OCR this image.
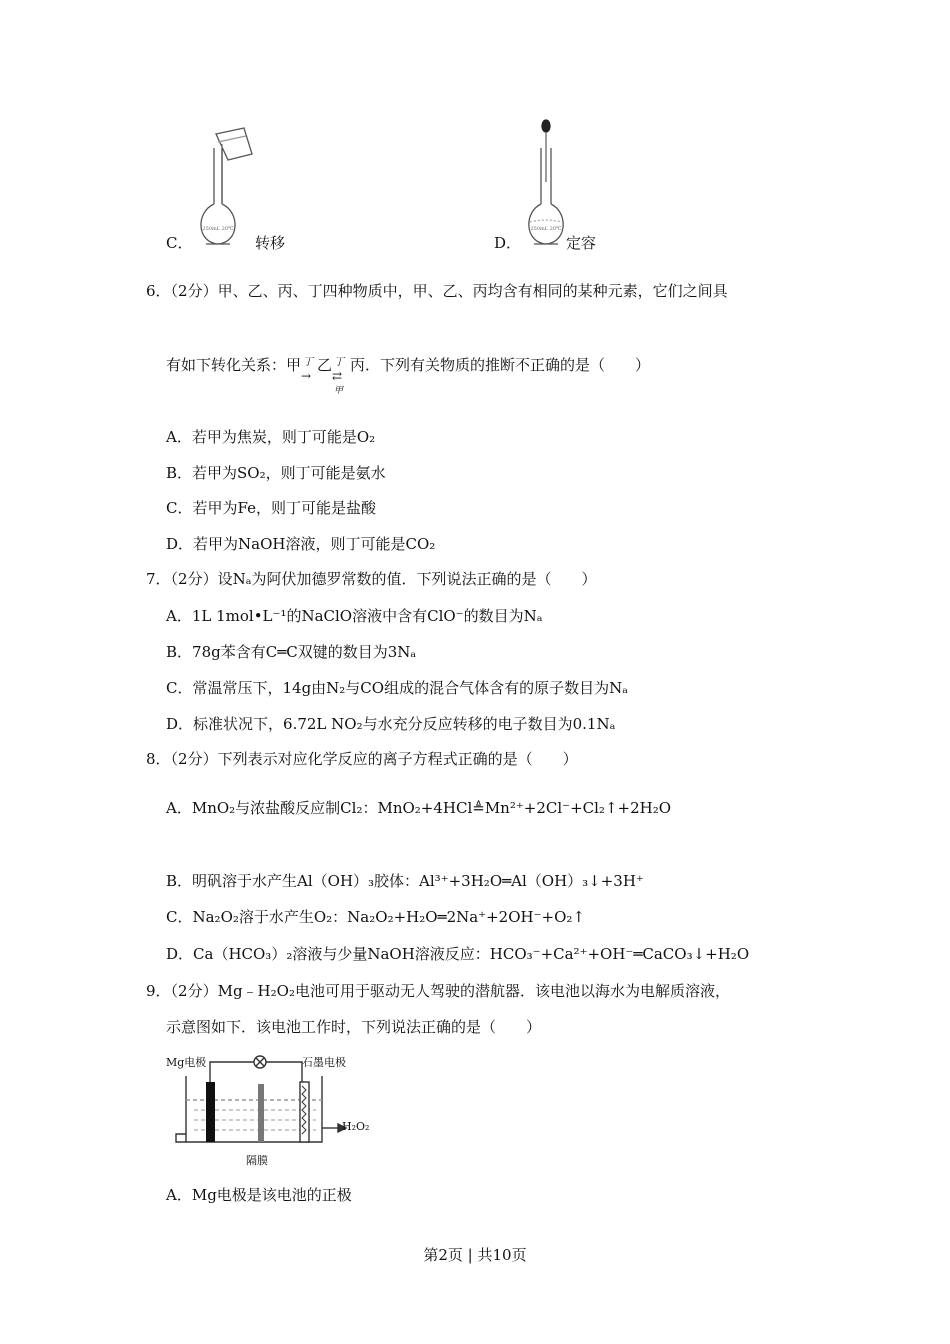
250mL 20℃
C．	转移
250mL 20℃
D．	定容
6．（2分）甲、乙、丙、丁四种物质中，甲、乙、丙均含有相同的某种元素，它们之间具
有如下转化关系：甲 丁
→
乙 丁
⇄
甲
丙．下列有关物质的推断不正确的是（　　）
A．若甲为焦炭，则丁可能是O₂
B．若甲为SO₂，则丁可能是氨水
C．若甲为Fe，则丁可能是盐酸
D．若甲为NaOH溶液，则丁可能是CO₂
7．（2分）设Nₐ为阿伏加德罗常数的值．下列说法正确的是（　　）
A．1L 1mol•L⁻¹的NaClO溶液中含有ClO⁻的数目为Nₐ
B．78g苯含有C═C双键的数目为3Nₐ
C．常温常压下，14g由N₂与CO组成的混合气体含有的原子数目为Nₐ
D．标准状况下，6.72L NO₂与水充分反应转移的电子数目为0.1Nₐ
8．（2分）下列表示对应化学反应的离子方程式正确的是（　　）
A．MnO₂与浓盐酸反应制Cl₂：MnO₂+4HCl≜Mn²⁺+2Cl⁻+Cl₂↑+2H₂O
B．明矾溶于水产生Al（OH）₃胶体：Al³⁺+3H₂O═Al（OH）₃↓+3H⁺
C．Na₂O₂溶于水产生O₂：Na₂O₂+H₂O═2Na⁺+2OH⁻+O₂↑
D．Ca（HCO₃）₂溶液与少量NaOH溶液反应：HCO₃⁻+Ca²⁺+OH⁻═CaCO₃↓+H₂O
9．（2分）Mg﹣H₂O₂电池可用于驱动无人驾驶的潜航器．该电池以海水为电解质溶液，
示意图如下．该电池工作时，下列说法正确的是（　　）
Mg电极	石墨电极
H₂O₂
隔膜
A．Mg电极是该电池的正极
第2页 | 共10页
